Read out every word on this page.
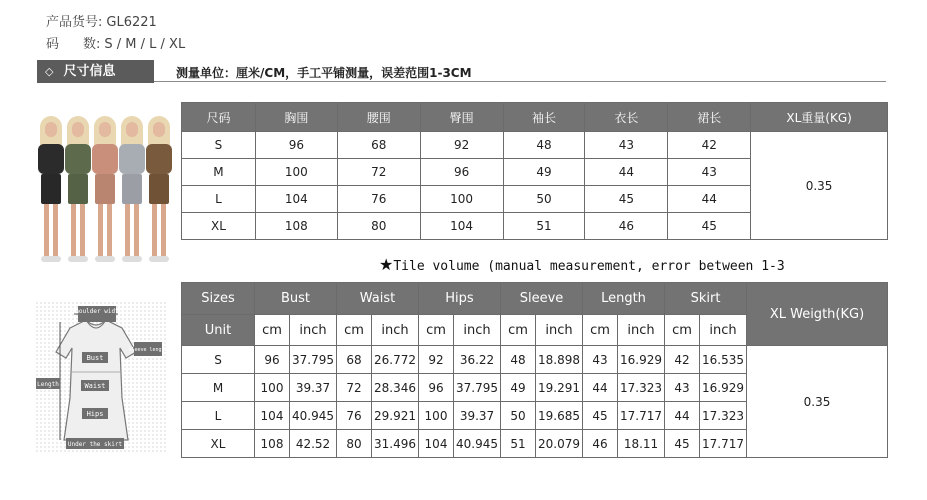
产品货号: GL6221
码 数: S / M / L / XL
◇ 尺寸信息	测量单位：厘米/CM，手工平铺测量，误差范围1-3CM
尺码	胸围	腰围	臀围	袖长	衣长	裙长	XL重量(KG)
S	96	68	92	48	43	42	0.35
M	100	72	96	49	44	43	
L	104	76	100	50	45	44	
XL	108	80	104	51	46	45	
★Tile volume (manual measurement, error between 1-3
shoulder width
sleeve length
Bust
Waist
Length
Hips
Under the skirt
Sizes	Bust		Waist		Hips		Sleeve		Length		Skirt		XL Weigth(KG)
Unit	cm	inch	cm	inch	cm	inch	cm	inch	cm	inch	cm	inch	
S	96	37.795	68	26.772	92	36.22	48	18.898	43	16.929	42	16.535	0.35
M	100	39.37	72	28.346	96	37.795	49	19.291	44	17.323	43	16.929	
L	104	40.945	76	29.921	100	39.37	50	19.685	45	17.717	44	17.323	
XL	108	42.52	80	31.496	104	40.945	51	20.079	46	18.11	45	17.717	
